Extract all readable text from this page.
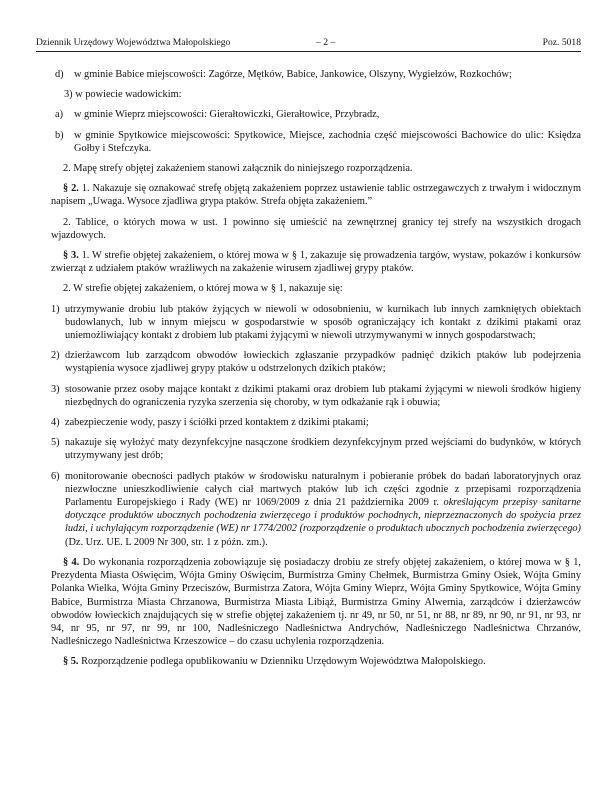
Dziennik Urzędowy Województwa Małopolskiego	– 2 –	Poz. 5018
d) w gminie Babice miejscowości: Zagórze, Mętków, Babice, Jankowice, Olszyny, Wygiełzów, Rozkochów;

3) w powiecie wadowickim:

a) w gminie Wieprz miejscowości: Gierałtowiczki, Gierałtowice, Przybradz,
b) w gminie Spytkowice miejscowości: Spytkowice, Miejsce, zachodnia część miejscowości Bachowice do ulic: Księdza Gołby i Stefczyka.

2. Mapę strefy objętej zakażeniem stanowi załącznik do niniejszego rozporządzenia.

§ 2. 1. Nakazuje się oznakować strefę objętą zakażeniem poprzez ustawienie tablic ostrzegawczych z trwałym i widocznym napisem „Uwaga. Wysoce zjadliwa grypa ptaków. Strefa objęta zakażeniem.”

2. Tablice, o których mowa w ust. 1 powinno się umieścić na zewnętrznej granicy tej strefy na wszystkich drogach wjazdowych.

§ 3. 1. W strefie objętej zakażeniem, o której mowa w § 1, zakazuje się prowadzenia targów, wystaw, pokazów i konkursów zwierząt z udziałem ptaków wrażliwych na zakażenie wirusem zjadliwej grypy ptaków.

2. W strefie objętej zakażeniem, o której mowa w § 1, nakazuje się:

1) utrzymywanie drobiu lub ptaków żyjących w niewoli w odosobnieniu, w kurnikach lub innych zamkniętych obiektach budowlanych, lub w innym miejscu w gospodarstwie w sposób ograniczający ich kontakt z dzikimi ptakami oraz uniemożliwiający kontakt z drobiem lub ptakami żyjącymi w niewoli utrzymywanymi w innych gospodarstwach;
2) dzierżawcom lub zarządcom obwodów łowieckich zgłaszanie przypadków padnięć dzikich ptaków lub podejrzenia wystąpienia wysoce zjadliwej grypy ptaków u odstrzelonych dzikich ptaków;
3) stosowanie przez osoby mające kontakt z dzikimi ptakami oraz drobiem lub ptakami żyjącymi w niewoli środków higieny niezbędnych do ograniczenia ryzyka szerzenia się choroby, w tym odkażanie rąk i obuwia;
4) zabezpieczenie wody, paszy i ściółki przed kontaktem z dzikimi ptakami;
5) nakazuje się wyłożyć maty dezynfekcyjne nasączone środkiem dezynfekcyjnym przed wejściami do budynków, w których utrzymywany jest drób;
6) monitorowanie obecności padłych ptaków w środowisku naturalnym i pobieranie próbek do badań laboratoryjnych oraz niezwłoczne unieszkodliwienie całych ciał martwych ptaków lub ich części zgodnie z przepisami rozporządzenia Parlamentu Europejskiego i Rady (WE) nr 1069/2009 z dnia 21 października 2009 r. określającym przepisy sanitarne dotyczące produktów ubocznych pochodzenia zwierzęcego i produktów pochodnych, nieprzeznaczonych do spożycia przez ludzi, i uchylającym rozporządzenie (WE) nr 1774/2002 (rozporządzenie o produktach ubocznych pochodzenia zwierzęcego) (Dz. Urz. UE. L 2009 Nr 300, str. 1 z późn. zm.).

§ 4. Do wykonania rozporządzenia zobowiązuje się posiadaczy drobiu ze strefy objętej zakażeniem, o której mowa w § 1, Prezydenta Miasta Oświęcim, Wójta Gminy Oświęcim, Burmistrza Gminy Chełmek, Burmistrza Gminy Osiek, Wójta Gminy Polanka Wielka, Wójta Gminy Przeciszów, Burmistrza Zatora, Wójta Gminy Wieprz, Wójta Gminy Spytkowice, Wójta Gminy Babice, Burmistrza Miasta Chrzanowa, Burmistrza Miasta Libiąż, Burmistrza Gminy Alwernia, zarządców i dzierżawców obwodów łowieckich znajdujących się w strefie objętej zakażeniem tj. nr 49, nr 50, nr 51, nr 88, nr 89, nr 90, nr 91, nr 93, nr 94, nr 95, nr 97, nr 99, nr 100, Nadleśniczego Nadleśnictwa Andrychów, Nadleśniczego Nadleśnictwa Chrzanów, Nadleśniczego Nadleśnictwa Krzeszowice – do czasu uchylenia rozporządzenia.

§ 5. Rozporządzenie podlega opublikowaniu w Dzienniku Urzędowym Województwa Małopolskiego.
